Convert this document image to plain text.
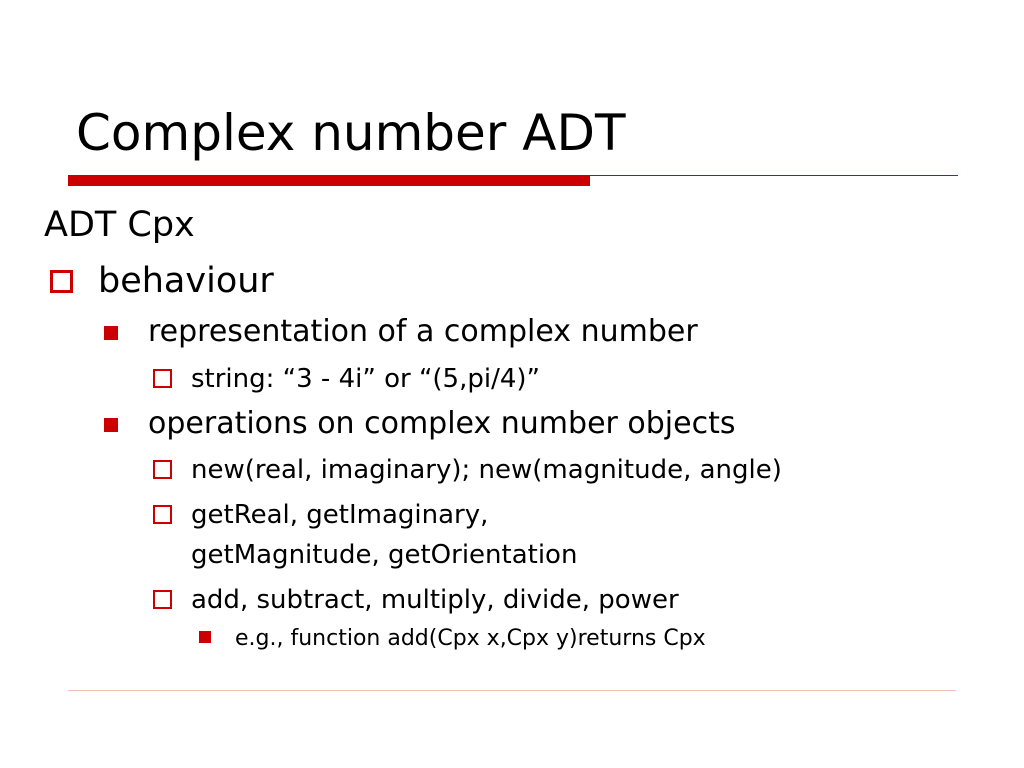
Complex number ADT
ADT Cpx
behaviour
representation of a complex number
string: “3 - 4i” or “(5,pi/4)”
operations on complex number objects
new(real, imaginary); new(magnitude, angle)
getReal, getImaginary,
getMagnitude, getOrientation
add, subtract, multiply, divide, power
e.g., function add(Cpx x,Cpx y)returns Cpx
